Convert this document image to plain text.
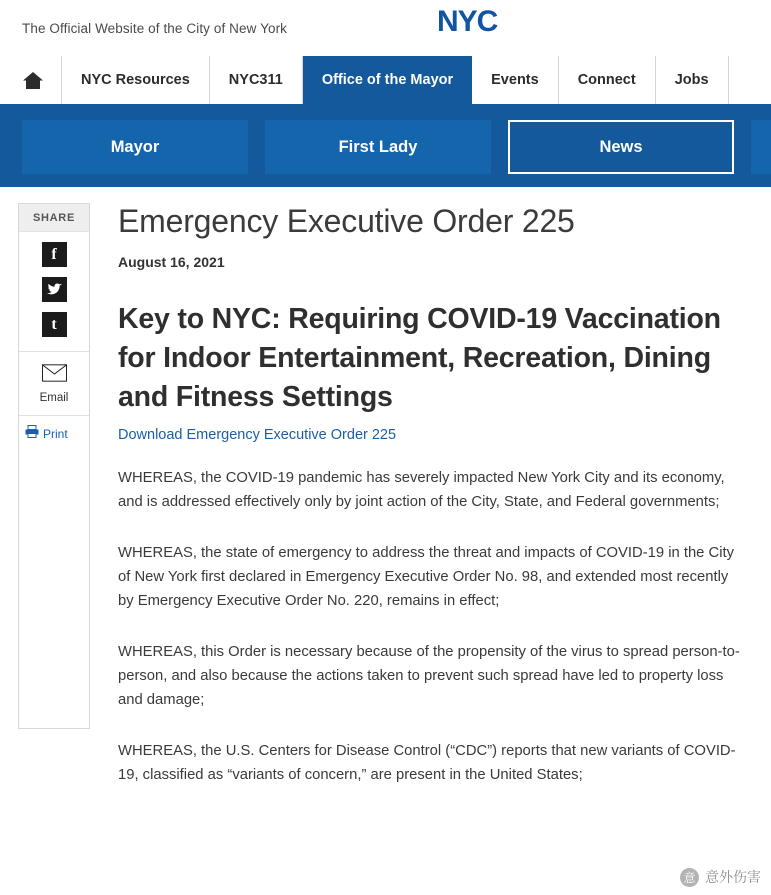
The Official Website of the City of New York	NYC
NYC Resources	NYC311	Office of the Mayor	Events	Connect	Jobs
Mayor	First Lady	News
SHARE
f
t
Email
Print
Emergency Executive Order 225
August 16, 2021
Key to NYC: Requiring COVID-19 Vaccination for Indoor Entertainment, Recreation, Dining and Fitness Settings
Download Emergency Executive Order 225

WHEREAS, the COVID-19 pandemic has severely impacted New York City and its economy, and is addressed effectively only by joint action of the City, State, and Federal governments;

WHEREAS, the state of emergency to address the threat and impacts of COVID-19 in the City of New York first declared in Emergency Executive Order No. 98, and extended most recently by Emergency Executive Order No. 220, remains in effect;

WHEREAS, this Order is necessary because of the propensity of the virus to spread person-to-person, and also because the actions taken to prevent such spread have led to property loss and damage;

WHEREAS, the U.S. Centers for Disease Control (“CDC”) reports that new variants of COVID-19, classified as “variants of concern,” are present in the United States;

意 意外伤害
